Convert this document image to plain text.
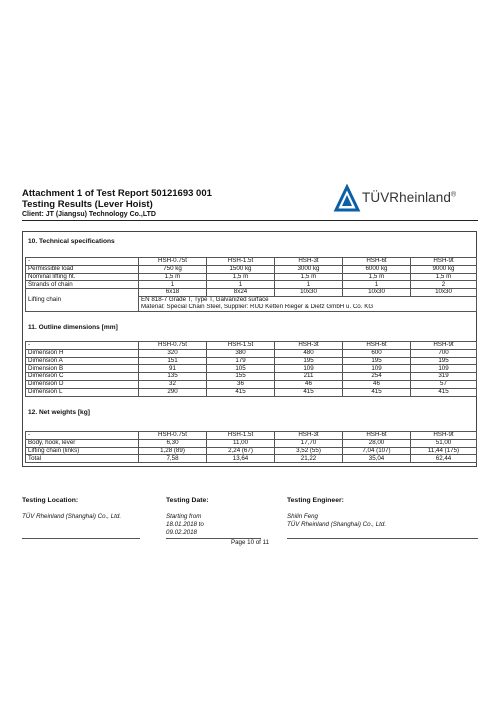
Attachment 1 of Test Report 50121693 001
Testing Results (Lever Hoist)
Client: JT (Jiangsu) Technology Co.,LTD
TÜVRheinland®
10. Technical specifications
-	HSH-0.75t	HSH-1.5t	HSH-3t	HSH-6t	HSH-9t
Permissible load	750 kg	1500 kg	3000 kg	6000 kg	9000 kg
Nominal lifting ht.	1,5 m	1,5 m	1,5 m	1,5 m	1,5 m
Strands of chain	1	1	1	1	2
Lifting chain	6x18	8x24	10x30	10x30	10x30
	EN 818-7 Grade T, Type T, Galvanized surface				
	Material: Special Chain Steel, Supplier: RUD Ketten Rieger & Dietz GmbH u. Co. KG				
11. Outline dimensions [mm]
-	HSH-0.75t	HSH-1.5t	HSH-3t	HSH-6t	HSH-9t
Dimension H	320	380	480	600	700
Dimension A	151	179	195	195	195
Dimension B	91	105	109	109	109
Dimension C	135	155	211	254	319
Dimension D	32	36	46	46	57
Dimension L	290	415	415	415	415
12. Net weights [kg]
-	HSH-0.75t	HSH-1.5t	HSH-3t	HSH-6t	HSH-9t
Body, hook, lever	6,30	11,00	17,70	28,00	51,00
Lifting chain (links)	1,28 (89)	2,24 (67)	3,52 (55)	7,04 (107)	11,44 (175)
Total	7,58	13,64	21,22	35,04	62,44
Testing Location:
TÜV Rheinland (Shanghai) Co., Ltd.
Testing Date:
Starting from
18.01.2018 to
09.02.2018
Testing Engineer:
Shilin Feng
TÜV Rheinland (Shanghai) Co., Ltd.
Page 10 of 11
